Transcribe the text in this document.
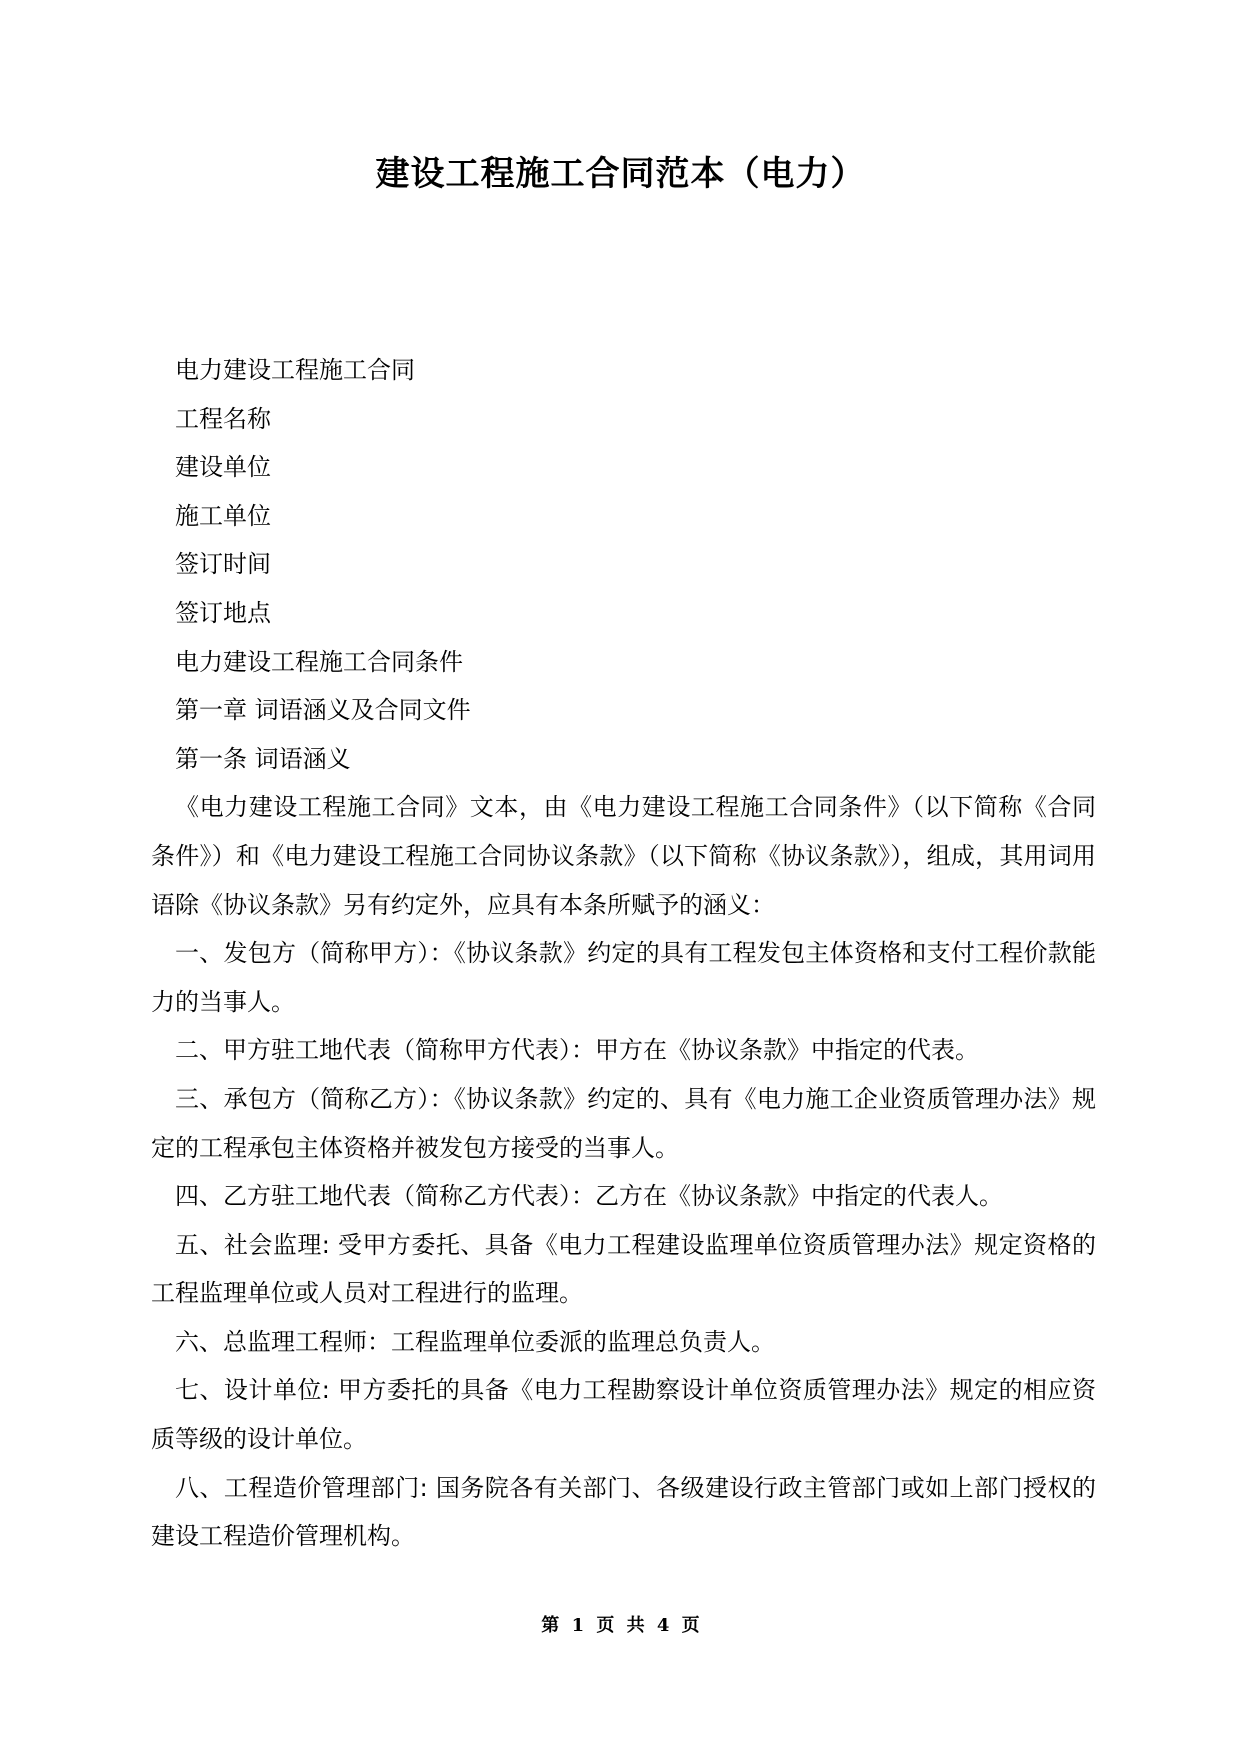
建设工程施工合同范本（电力）

电力建设工程施工合同

工程名称

建设单位

施工单位

签订时间

签订地点

电力建设工程施工合同条件

第一章 词语涵义及合同文件

第一条 词语涵义

《电力建设工程施工合同》文本，由《电力建设工程施工合同条件》（以下简称《合同条件》）和《电力建设工程施工合同协议条款》（以下简称《协议条款》），组成，其用词用语除《协议条款》另有约定外，应具有本条所赋予的涵义：

一、发包方（简称甲方）：《协议条款》约定的具有工程发包主体资格和支付工程价款能力的当事人。

二、甲方驻工地代表（简称甲方代表）：甲方在《协议条款》中指定的代表。

三、承包方（简称乙方）：《协议条款》约定的、具有《电力施工企业资质管理办法》规定的工程承包主体资格并被发包方接受的当事人。

四、乙方驻工地代表（简称乙方代表）：乙方在《协议条款》中指定的代表人。

五、社会监理: 受甲方委托、具备《电力工程建设监理单位资质管理办法》规定资格的工程监理单位或人员对工程进行的监理。

六、总监理工程师：工程监理单位委派的监理总负责人。

七、设计单位: 甲方委托的具备《电力工程勘察设计单位资质管理办法》规定的相应资质等级的设计单位。

八、工程造价管理部门: 国务院各有关部门、各级建设行政主管部门或如上部门授权的建设工程造价管理机构。

第 1 页 共 4 页
